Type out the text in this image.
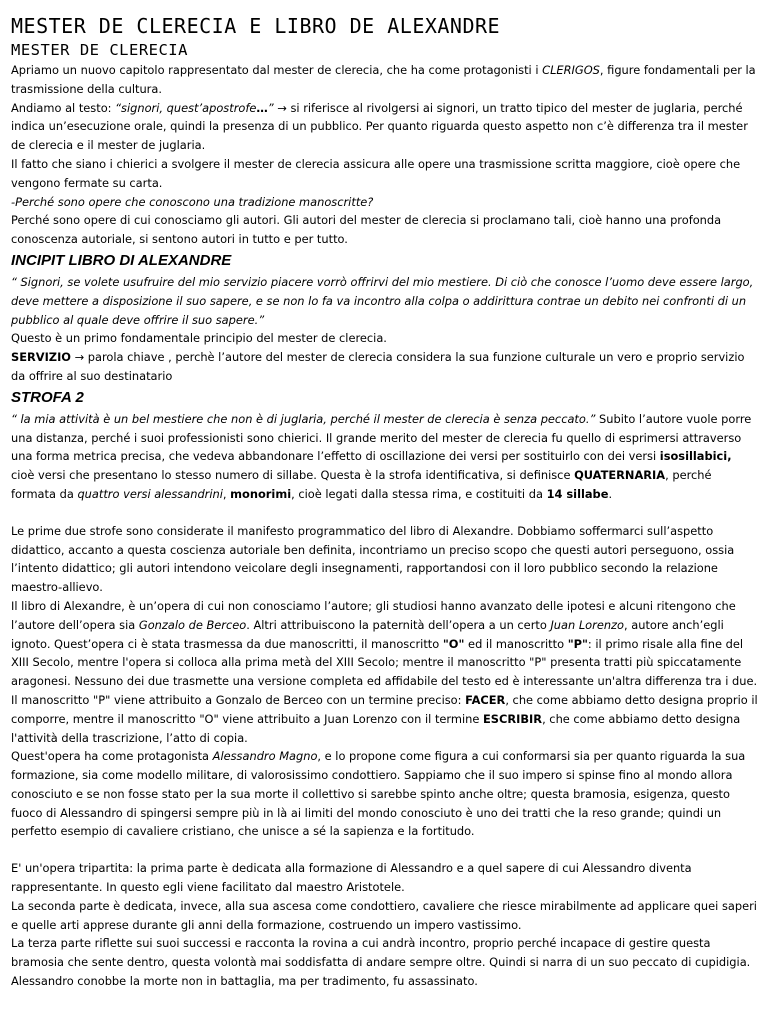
MESTER DE CLERECIA E LIBRO DE ALEXANDRE
MESTER DE CLERECIA

Apriamo un nuovo capitolo rappresentato dal mester de clerecia, che ha come protagonisti i CLERIGOS, figure fondamentali per la trasmissione della cultura.

Andiamo al testo: “signori, quest’apostrofe…” → si riferisce al rivolgersi ai signori, un tratto tipico del mester de juglaria, perché indica un’esecuzione orale, quindi la presenza di un pubblico. Per quanto riguarda questo aspetto non c’è differenza tra il mester de clerecia e il mester de juglaria.

Il fatto che siano i chierici a svolgere il mester de clerecia assicura alle opere una trasmissione scritta maggiore, cioè opere che vengono fermate su carta.

-Perché sono opere che conoscono una tradizione manoscritte?

Perché sono opere di cui conosciamo gli autori. Gli autori del mester de clerecia si proclamano tali, cioè hanno una profonda conoscenza autoriale, si sentono autori in tutto e per tutto.

INCIPIT LIBRO DI ALEXANDRE

“ Signori, se volete usufruire del mio servizio piacere vorrò offrirvi del mio mestiere. Di ciò che conosce l’uomo deve essere largo, deve mettere a disposizione il suo sapere, e se non lo fa va incontro alla colpa o addirittura contrae un debito nei confronti di un pubblico al quale deve offrire il suo sapere.”

Questo è un primo fondamentale principio del mester de clerecia.

SERVIZIO → parola chiave , perchè l’autore del mester de clerecia considera la sua funzione culturale un vero e proprio servizio da offrire al suo destinatario

STROFA 2

“ la mia attività è un bel mestiere che non è di juglaria, perché il mester de clerecia è senza peccato.” Subito l’autore vuole porre una distanza, perché i suoi professionisti sono chierici. Il grande merito del mester de clerecia fu quello di esprimersi attraverso una forma metrica precisa, che vedeva abbandonare l’effetto di oscillazione dei versi per sostituirlo con dei versi isosillabici, cioè versi che presentano lo stesso numero di sillabe. Questa è la strofa identificativa, si definisce QUATERNARIA, perché formata da quattro versi alessandrini, monorimi, cioè legati dalla stessa rima, e costituiti da 14 sillabe.

Le prime due strofe sono considerate il manifesto programmatico del libro di Alexandre. Dobbiamo soffermarci sull’aspetto didattico, accanto a questa coscienza autoriale ben definita, incontriamo un preciso scopo che questi autori perseguono, ossia l’intento didattico; gli autori intendono veicolare degli insegnamenti, rapportandosi con il loro pubblico secondo la relazione maestro-allievo.

Il libro di Alexandre, è un’opera di cui non conosciamo l’autore; gli studiosi hanno avanzato delle ipotesi e alcuni ritengono che l’autore dell’opera sia Gonzalo de Berceo. Altri attribuiscono la paternità dell’opera a un certo Juan Lorenzo, autore anch’egli ignoto. Quest’opera ci è stata trasmessa da due manoscritti, il manoscritto "O" ed il manoscritto "P": il primo risale alla fine del XIII Secolo, mentre l'opera si colloca alla prima metà del XIII Secolo; mentre il manoscritto "P" presenta tratti più spiccatamente aragonesi. Nessuno dei due trasmette una versione completa ed affidabile del testo ed è interessante un'altra differenza tra i due. Il manoscritto "P" viene attribuito a Gonzalo de Berceo con un termine preciso: FACER, che come abbiamo detto designa proprio il comporre, mentre il manoscritto "O" viene attribuito a Juan Lorenzo con il termine ESCRIBIR, che come abbiamo detto designa l'attività della trascrizione, l’atto di copia.

Quest'opera ha come protagonista Alessandro Magno, e lo propone come figura a cui conformarsi sia per quanto riguarda la sua formazione, sia come modello militare, di valorosissimo condottiero. Sappiamo che il suo impero si spinse fino al mondo allora conosciuto e se non fosse stato per la sua morte il collettivo si sarebbe spinto anche oltre; questa bramosia, esigenza, questo fuoco di Alessandro di spingersi sempre più in là ai limiti del mondo conosciuto è uno dei tratti che la reso grande; quindi un perfetto esempio di cavaliere cristiano, che unisce a sé la sapienza e la fortitudo.

E' un'opera tripartita: la prima parte è dedicata alla formazione di Alessandro e a quel sapere di cui Alessandro diventa rappresentante. In questo egli viene facilitato dal maestro Aristotele.

La seconda parte è dedicata, invece, alla sua ascesa come condottiero, cavaliere che riesce mirabilmente ad applicare quei saperi e quelle arti apprese durante gli anni della formazione, costruendo un impero vastissimo.

La terza parte riflette sui suoi successi e racconta la rovina a cui andrà incontro, proprio perché incapace di gestire questa bramosia che sente dentro, questa volontà mai soddisfatta di andare sempre oltre. Quindi si narra di un suo peccato di cupidigia. Alessandro conobbe la morte non in battaglia, ma per tradimento, fu assassinato.
